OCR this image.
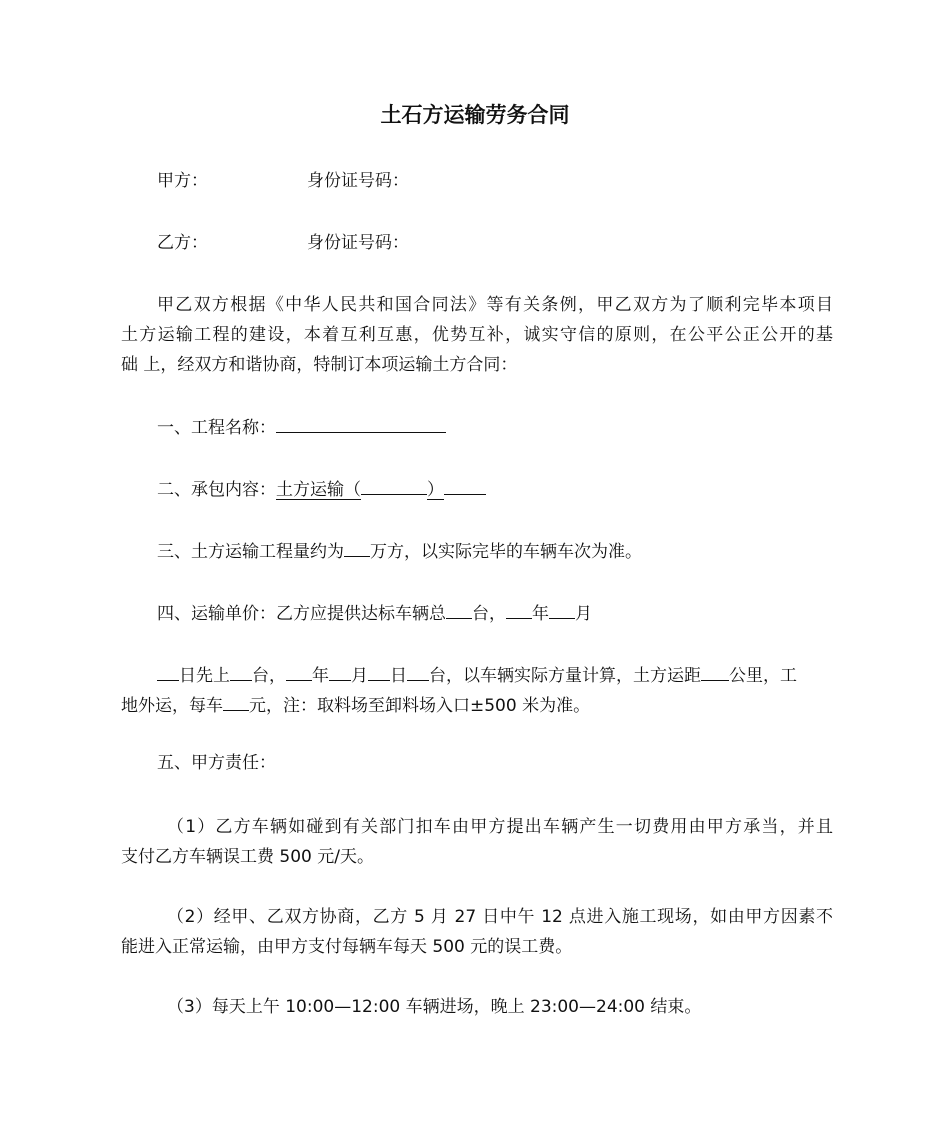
土石方运输劳务合同
甲方：	身份证号码：
乙方：	身份证号码：
甲乙双方根据《中华人民共和国合同法》等有关条例，甲乙双方为了顺利完毕本项目
土方运输工程的建设，本着互利互惠，优势互补，诚实守信的原则，在公平公正公开的基
础 上，经双方和谐协商，特制订本项运输土方合同：
一、工程名称：
二、承包内容：土方运输（	）
三、土方运输工程量约为 万方，以实际完毕的车辆车次为准。
四、运输单价：乙方应提供达标车辆总 台， 年 月
日先上 台， 年 月 日 台，以车辆实际方量计算，土方运距 公里，工
地外运，每车 元，注：取料场至卸料场入口±500 米为准。
五、甲方责任：
（1）乙方车辆如碰到有关部门扣车由甲方提出车辆产生一切费用由甲方承当，并且
支付乙方车辆误工费 500 元/天。
（2）经甲、乙双方协商，乙方 5 月 27 日中午 12 点进入施工现场，如由甲方因素不
能进入正常运输，由甲方支付每辆车每天 500 元的误工费。
（3）每天上午 10:00—12:00 车辆进场，晚上 23:00—24:00 结束。
